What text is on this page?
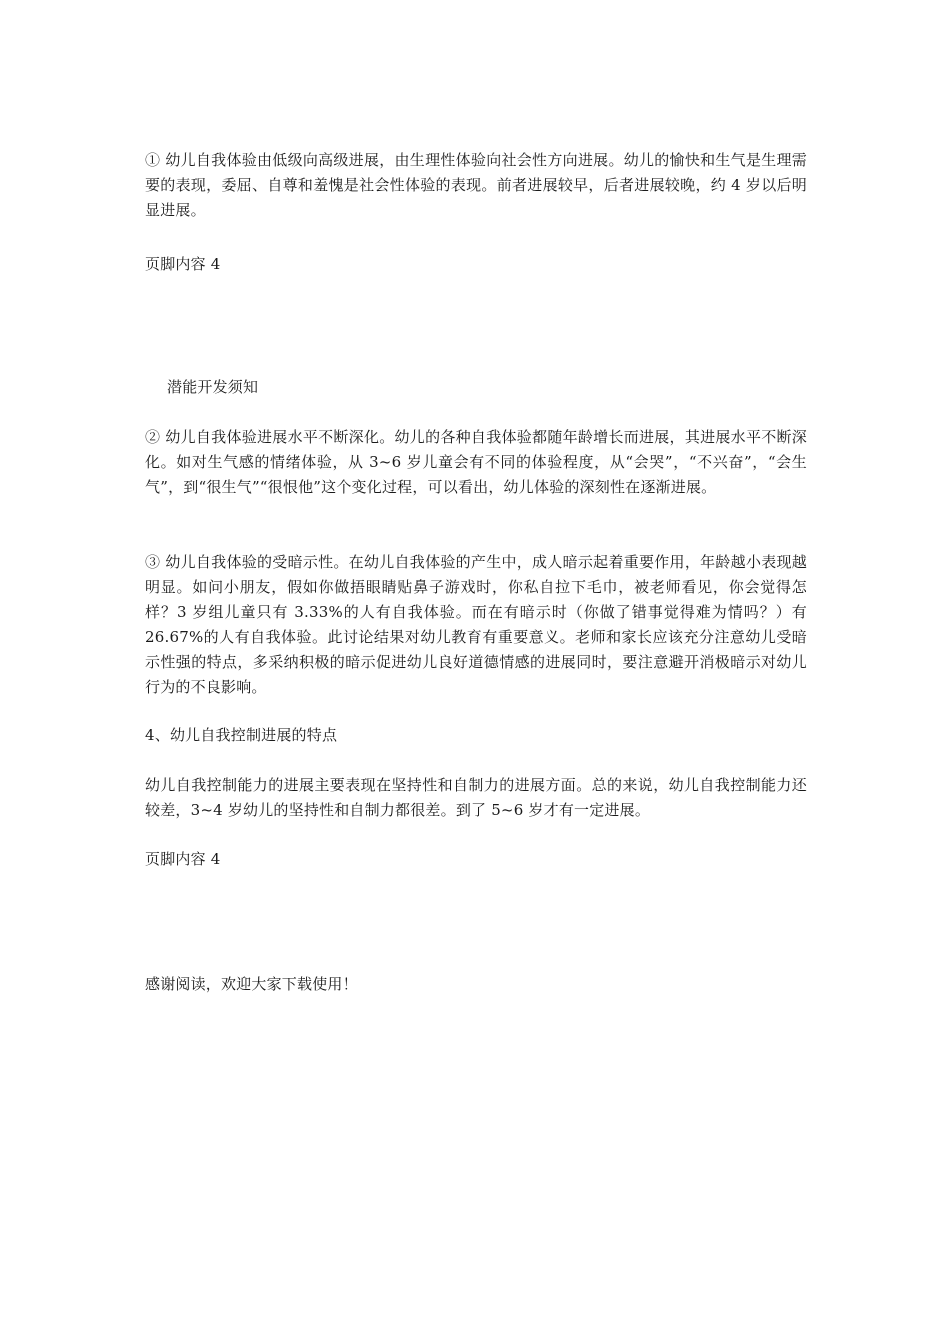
① 幼儿自我体验由低级向高级进展，由生理性体验向社会性方向进展。幼儿的愉快和生气是生理需要的表现，委屈、自尊和羞愧是社会性体验的表现。前者进展较早，后者进展较晚，约 4 岁以后明显进展。

页脚内容 4

潜能开发须知

② 幼儿自我体验进展水平不断深化。幼儿的各种自我体验都随年龄增长而进展，其进展水平不断深化。如对生气感的情绪体验，从 3~6 岁儿童会有不同的体验程度，从“会哭”，“不兴奋”，“会生气”，到“很生气”“很恨他”这个变化过程，可以看出，幼儿体验的深刻性在逐渐进展。

③ 幼儿自我体验的受暗示性。在幼儿自我体验的产生中，成人暗示起着重要作用，年龄越小表现越明显。如问小朋友，假如你做捂眼睛贴鼻子游戏时，你私自拉下毛巾，被老师看见，你会觉得怎样？3 岁组儿童只有 3.33%的人有自我体验。而在有暗示时（你做了错事觉得难为情吗？）有 26.67%的人有自我体验。此讨论结果对幼儿教育有重要意义。老师和家长应该充分注意幼儿受暗示性强的特点，多采纳积极的暗示促进幼儿良好道德情感的进展同时，要注意避开消极暗示对幼儿行为的不良影响。

4、幼儿自我控制进展的特点

幼儿自我控制能力的进展主要表现在坚持性和自制力的进展方面。总的来说，幼儿自我控制能力还较差，3~4 岁幼儿的坚持性和自制力都很差。到了 5~6 岁才有一定进展。

页脚内容 4

感谢阅读，欢迎大家下载使用！
